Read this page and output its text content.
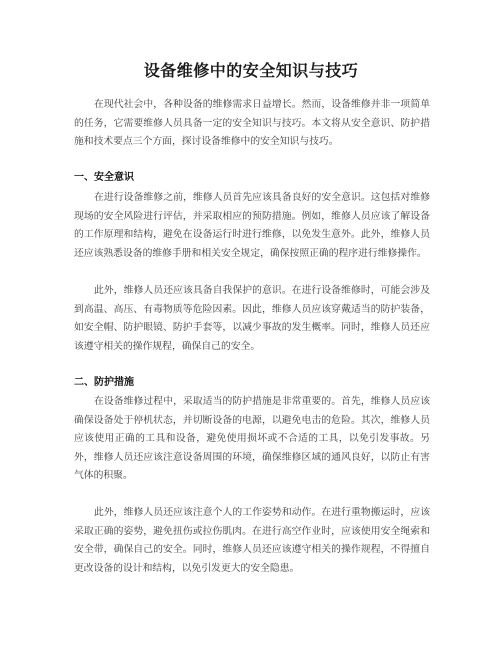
设备维修中的安全知识与技巧

在现代社会中，各种设备的维修需求日益增长。然而，设备维修并非一项简单的任务，它需要维修人员具备一定的安全知识与技巧。本文将从安全意识、防护措施和技术要点三个方面，探讨设备维修中的安全知识与技巧。

一、安全意识

在进行设备维修之前，维修人员首先应该具备良好的安全意识。这包括对维修现场的安全风险进行评估，并采取相应的预防措施。例如，维修人员应该了解设备的工作原理和结构，避免在设备运行时进行维修，以免发生意外。此外，维修人员还应该熟悉设备的维修手册和相关安全规定，确保按照正确的程序进行维修操作。

此外，维修人员还应该具备自我保护的意识。在进行设备维修时，可能会涉及到高温、高压、有毒物质等危险因素。因此，维修人员应该穿戴适当的防护装备，如安全帽、防护眼镜、防护手套等，以减少事故的发生概率。同时，维修人员还应该遵守相关的操作规程，确保自己的安全。

二、防护措施

在设备维修过程中，采取适当的防护措施是非常重要的。首先，维修人员应该确保设备处于停机状态，并切断设备的电源，以避免电击的危险。其次，维修人员应该使用正确的工具和设备，避免使用损坏或不合适的工具，以免引发事故。另外，维修人员还应该注意设备周围的环境，确保维修区域的通风良好，以防止有害气体的积聚。

此外，维修人员还应该注意个人的工作姿势和动作。在进行重物搬运时，应该采取正确的姿势，避免扭伤或拉伤肌肉。在进行高空作业时，应该使用安全绳索和安全带，确保自己的安全。同时，维修人员还应该遵守相关的操作规程，不得擅自更改设备的设计和结构，以免引发更大的安全隐患。
